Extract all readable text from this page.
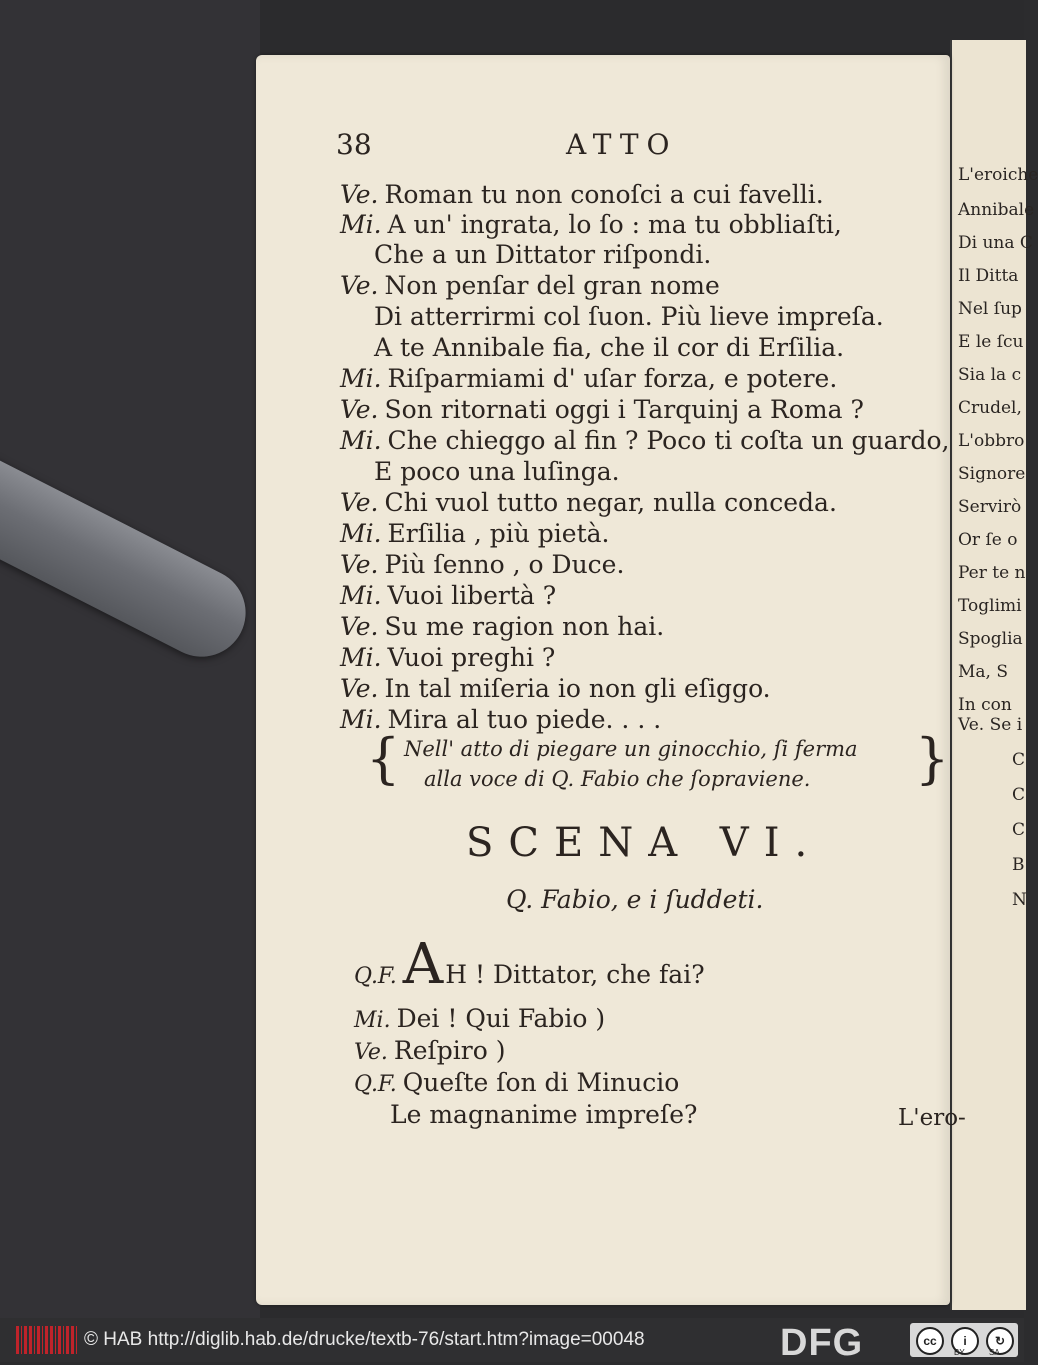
L'eroiche
Annibale
Di una C
Il Ditta
Nel ſup
E le ſcu
Sia la c
Crudel,
L'obbro
Signore
Servirò
Or ſe o
Per te n
Toglimi
Spoglia
Ma, S
In con
Ve. Se i
C
C
C
B
N
38	ATTO
Ve. Roman tu non conoſci a cui favelli.
Mi. A un' ingrata, lo ſo : ma tu obbliaſti,
Che a un Dittator riſpondi.
Ve. Non penſar del gran nome
Di atterrirmi col ſuon. Più lieve impreſa.
A te Annibale fia, che il cor di Erſilia.
Mi. Riſparmiami d' uſar forza, e potere.
Ve. Son ritornati oggi i Tarquinj a Roma ?
Mi. Che chieggo al fin ? Poco ti coſta un guardo,
E poco una luſinga.
Ve. Chi vuol tutto negar, nulla conceda.
Mi. Erſilia , più pietà.
Ve. Più ſenno , o Duce.
Mi. Vuoi libertà ?
Ve. Su me ragion non hai.
Mi. Vuoi preghi ?
Ve. In tal miſeria io non gli eſiggo.
Mi. Mira al tuo piede. . . .
{	}
Nell' atto di piegare un ginocchio, ſi ferma
alla voce di Q. Fabio che ſopraviene.
SCENA VI.
Q. Fabio, e i ſuddeti.
Q.F. AH ! Dittator, che fai?
Mi. Dei ! Qui Fabio )
Ve. Reſpiro )
Q.F. Queſte ſon di Minucio
Le magnanime impreſe?	L'ero-
© HAB http://diglib.hab.de/drucke/textb-76/start.htm?image=00048	DFG	cc	i	↻
BY	SA
